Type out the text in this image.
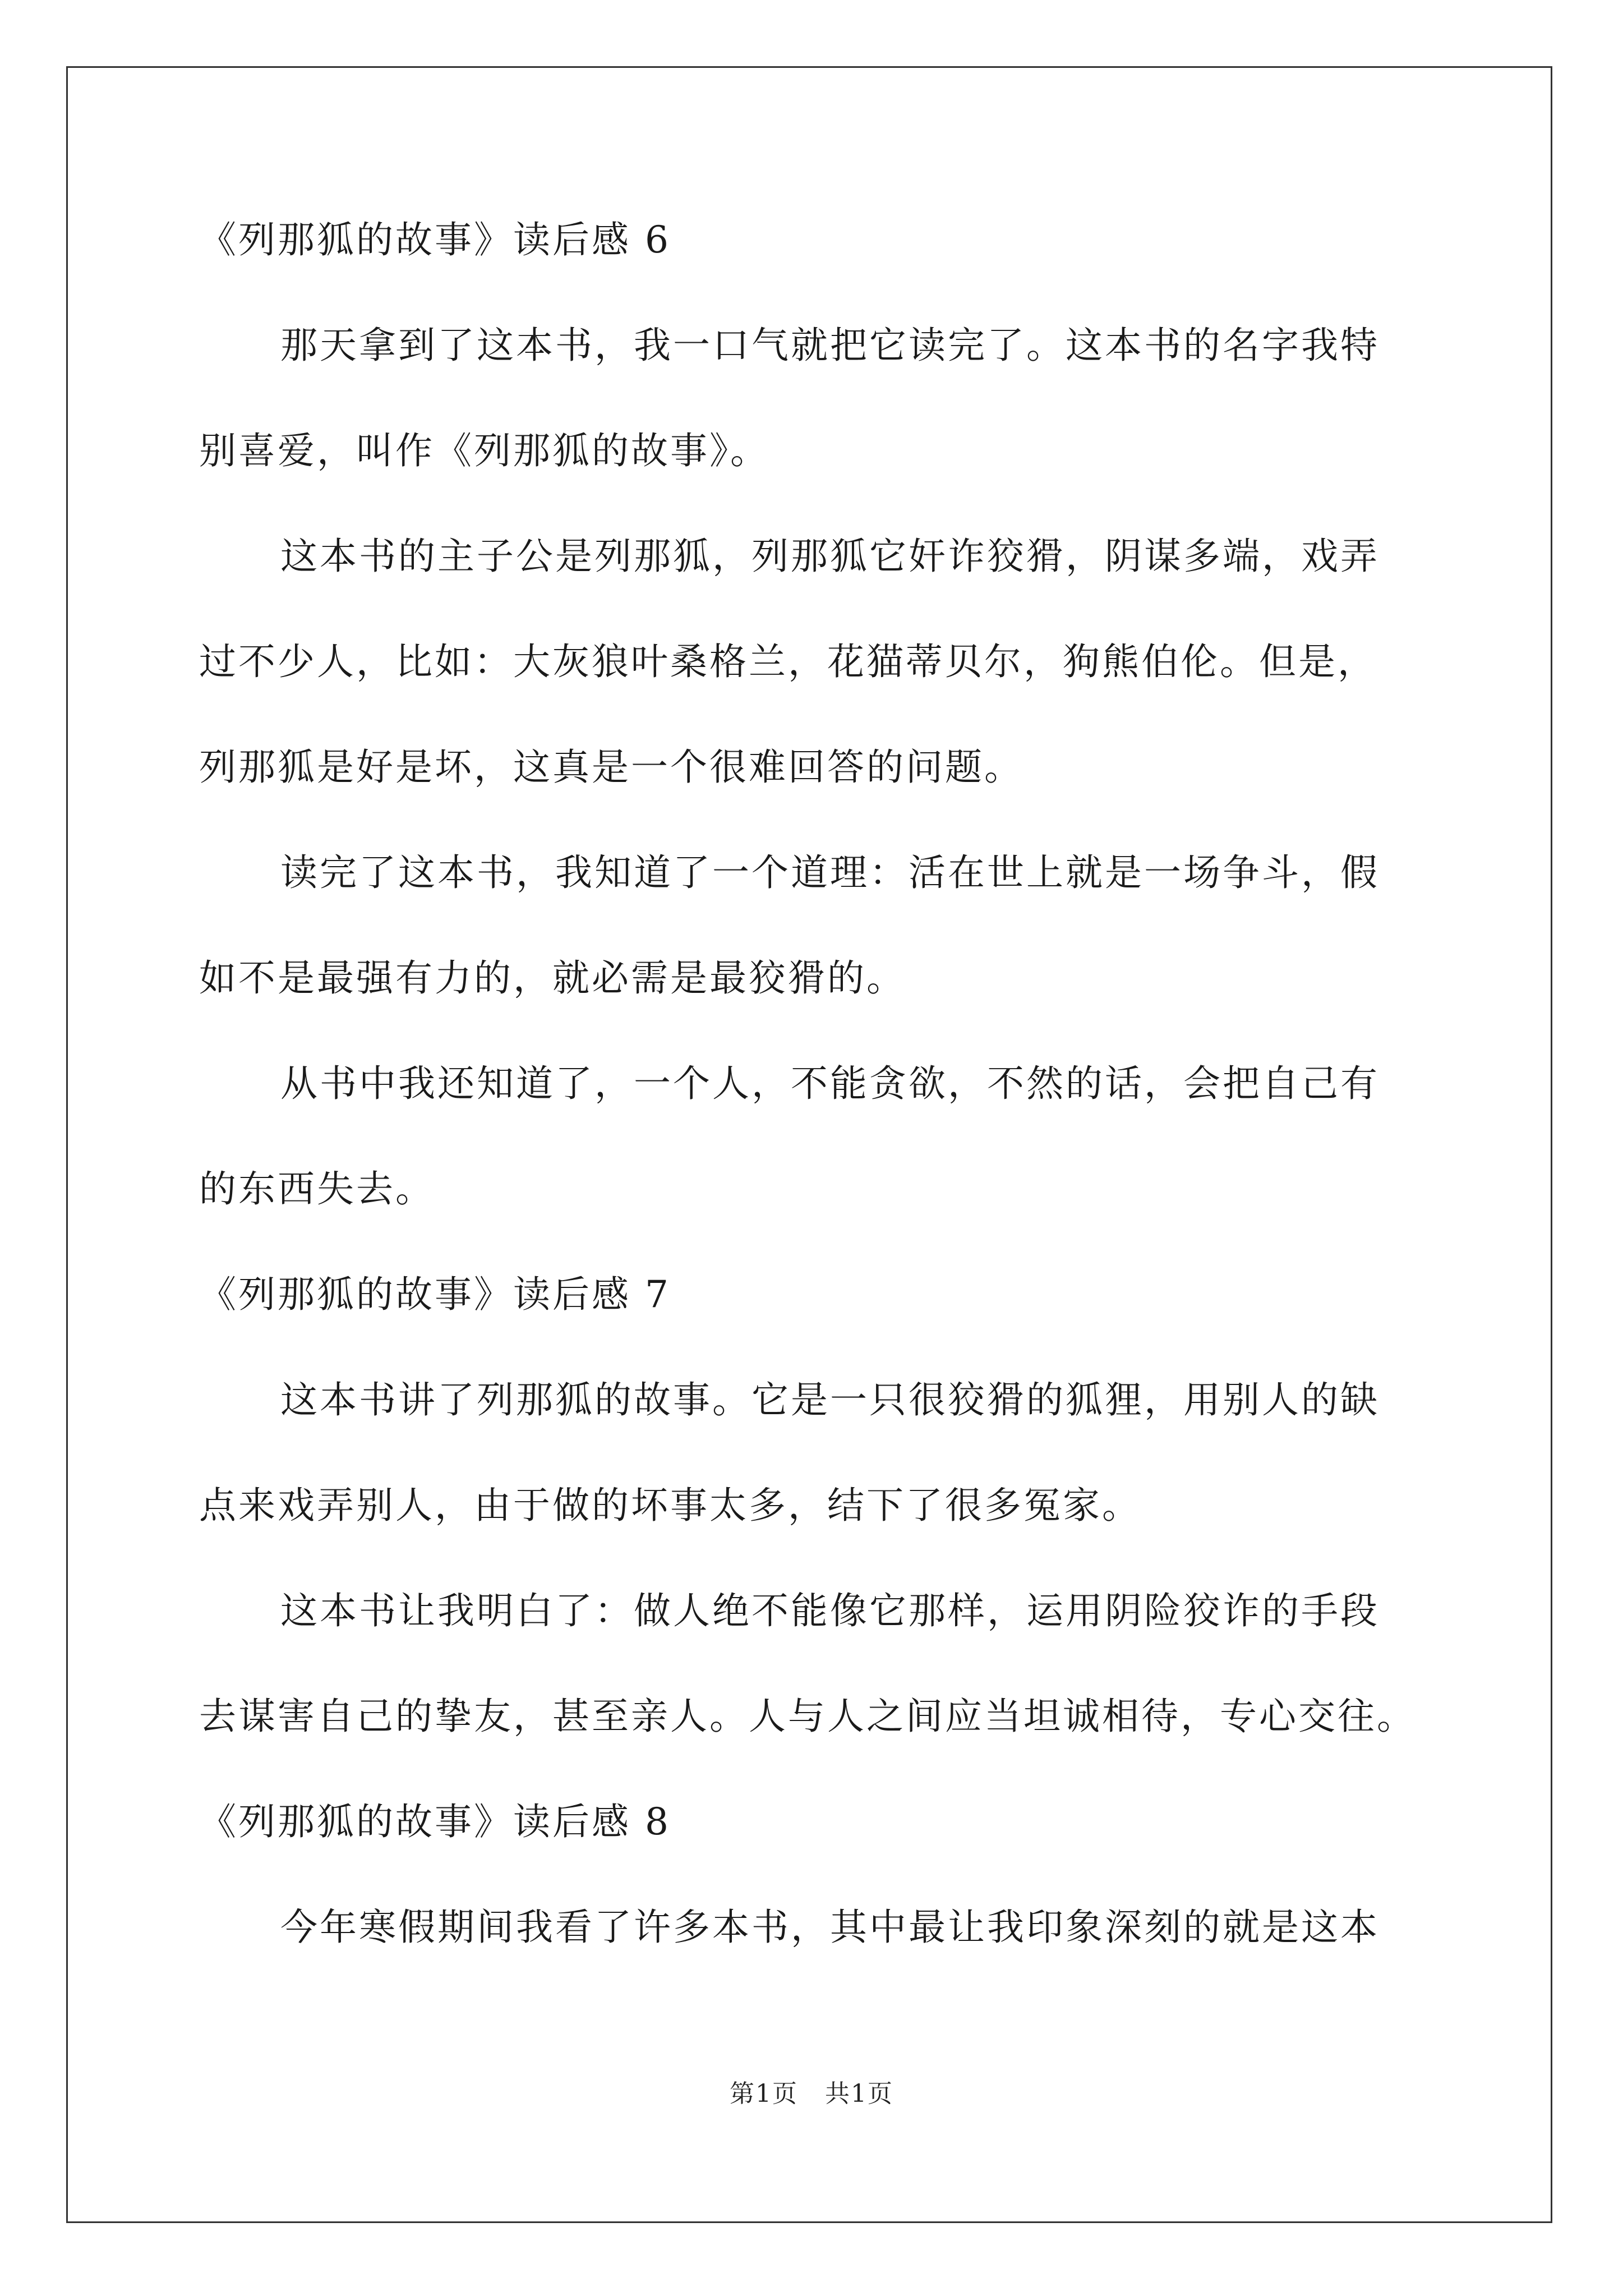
《列那狐的故事》读后感 6
那天拿到了这本书，我一口气就把它读完了。这本书的名字我特
别喜爱，叫作《列那狐的故事》。
这本书的主子公是列那狐，列那狐它奸诈狡猾，阴谋多端，戏弄
过不少人，比如：大灰狼叶桑格兰，花猫蒂贝尔，狗熊伯伦。但是，
列那狐是好是坏，这真是一个很难回答的问题。
读完了这本书，我知道了一个道理：活在世上就是一场争斗，假
如不是最强有力的，就必需是最狡猾的。
从书中我还知道了，一个人，不能贪欲，不然的话，会把自己有
的东西失去。
《列那狐的故事》读后感 7
这本书讲了列那狐的故事。它是一只很狡猾的狐狸，用别人的缺
点来戏弄别人，由于做的坏事太多，结下了很多冤家。
这本书让我明白了：做人绝不能像它那样，运用阴险狡诈的手段
去谋害自己的挚友，甚至亲人。人与人之间应当坦诚相待，专心交往。
《列那狐的故事》读后感 8
今年寒假期间我看了许多本书，其中最让我印象深刻的就是这本
第1页 共1页
